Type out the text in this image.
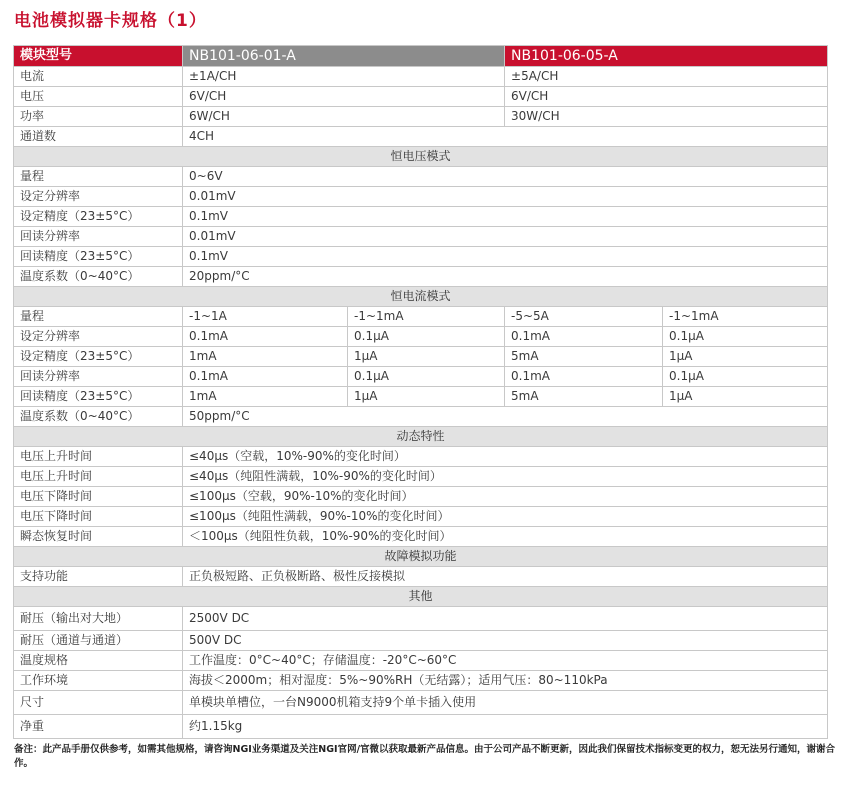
电池模拟器卡规格（1）
模块型号	NB101-06-01-A		NB101-06-05-A	
电流	±1A/CH		±5A/CH	
电压	6V/CH		6V/CH	
功率	6W/CH		30W/CH	
通道数	4CH			
恒电压模式				
量程	0~6V			
设定分辨率	0.01mV			
设定精度（23±5°C）	0.1mV			
回读分辨率	0.01mV			
回读精度（23±5°C）	0.1mV			
温度系数（0~40°C）	20ppm/°C			
恒电流模式				
量程	-1~1A	-1~1mA	-5~5A	-1~1mA
设定分辨率	0.1mA	0.1μA	0.1mA	0.1μA
设定精度（23±5°C）	1mA	1μA	5mA	1μA
回读分辨率	0.1mA	0.1μA	0.1mA	0.1μA
回读精度（23±5°C）	1mA	1μA	5mA	1μA
温度系数（0~40°C）	50ppm/°C			
动态特性				
电压上升时间	≤40μs（空载，10%-90%的变化时间）			
电压上升时间	≤40μs（纯阻性满载，10%-90%的变化时间）			
电压下降时间	≤100μs（空载，90%-10%的变化时间）			
电压下降时间	≤100μs（纯阻性满载，90%-10%的变化时间）			
瞬态恢复时间	＜100μs（纯阻性负载，10%-90%的变化时间）			
故障模拟功能				
支持功能	正负极短路、正负极断路、极性反接模拟			
其他				
耐压（输出对大地）	2500V DC			
耐压（通道与通道）	500V DC			
温度规格	工作温度：0°C~40°C；存储温度：-20°C~60°C			
工作环境	海拔＜2000m；相对湿度：5%~90%RH（无结露）；适用气压：80~110kPa			
尺寸	单模块单槽位，一台N9000机箱支持9个单卡插入使用			
净重	约1.15kg			
备注：此产品手册仅供参考，如需其他规格，请咨询NGI业务渠道及关注NGI官网/官微以获取最新产品信息。由于公司产品不断更新，因此我们保留技术指标变更的权力，恕无法另行通知，谢谢合作。
